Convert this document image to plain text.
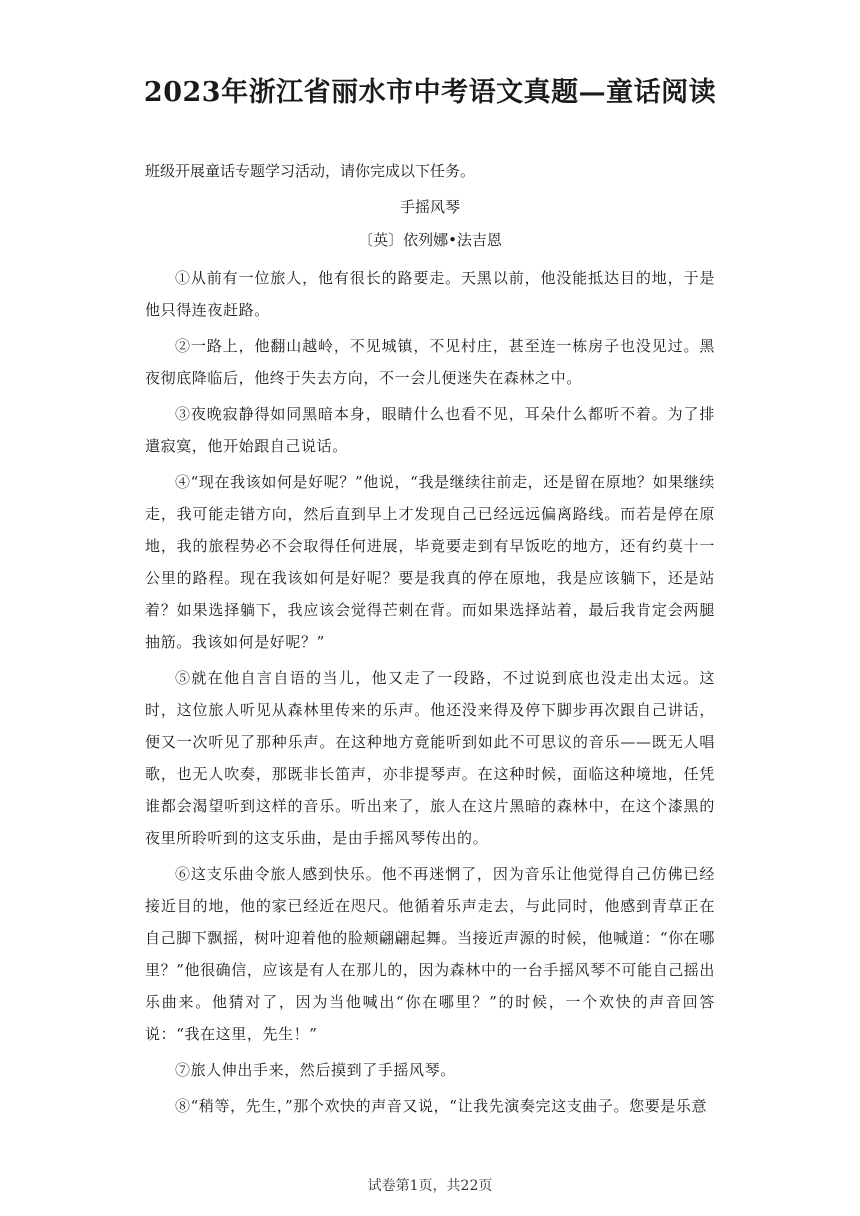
2023年浙江省丽水市中考语文真题—童话阅读
班级开展童话专题学习活动，请你完成以下任务。
手摇风琴
〔英〕依列娜•法吉恩

①从前有一位旅人，他有很长的路要走。天黑以前，他没能抵达目的地，于是他只得连夜赶路。

②一路上，他翻山越岭，不见城镇，不见村庄，甚至连一栋房子也没见过。黑夜彻底降临后，他终于失去方向，不一会儿便迷失在森林之中。

③夜晚寂静得如同黑暗本身，眼睛什么也看不见，耳朵什么都听不着。为了排遣寂寞，他开始跟自己说话。

④“现在我该如何是好呢？”他说，“我是继续往前走，还是留在原地？如果继续走，我可能走错方向，然后直到早上才发现自己已经远远偏离路线。而若是停在原地，我的旅程势必不会取得任何进展，毕竟要走到有早饭吃的地方，还有约莫十一公里的路程。现在我该如何是好呢？要是我真的停在原地，我是应该躺下，还是站着？如果选择躺下，我应该会觉得芒刺在背。而如果选择站着，最后我肯定会两腿抽筋。我该如何是好呢？”

⑤就在他自言自语的当儿，他又走了一段路，不过说到底也没走出太远。这时，这位旅人听见从森林里传来的乐声。他还没来得及停下脚步再次跟自己讲话，便又一次听见了那种乐声。在这种地方竟能听到如此不可思议的音乐——既无人唱歌，也无人吹奏，那既非长笛声，亦非提琴声。在这种时候，面临这种境地，任凭谁都会渴望听到这样的音乐。听出来了，旅人在这片黑暗的森林中，在这个漆黑的夜里所聆听到的这支乐曲，是由手摇风琴传出的。

⑥这支乐曲令旅人感到快乐。他不再迷惘了，因为音乐让他觉得自己仿佛已经接近目的地，他的家已经近在咫尺。他循着乐声走去，与此同时，他感到青草正在自己脚下飘摇，树叶迎着他的脸颊翩翩起舞。当接近声源的时候，他喊道：“你在哪里？”他很确信，应该是有人在那儿的，因为森林中的一台手摇风琴不可能自己摇出乐曲来。他猜对了，因为当他喊出“你在哪里？”的时候，一个欢快的声音回答说：“我在这里，先生！”

⑦旅人伸出手来，然后摸到了手摇风琴。

⑧“稍等，先生，”那个欢快的声音又说，“让我先演奏完这支曲子。您要是乐意

试卷第1页，共22页
